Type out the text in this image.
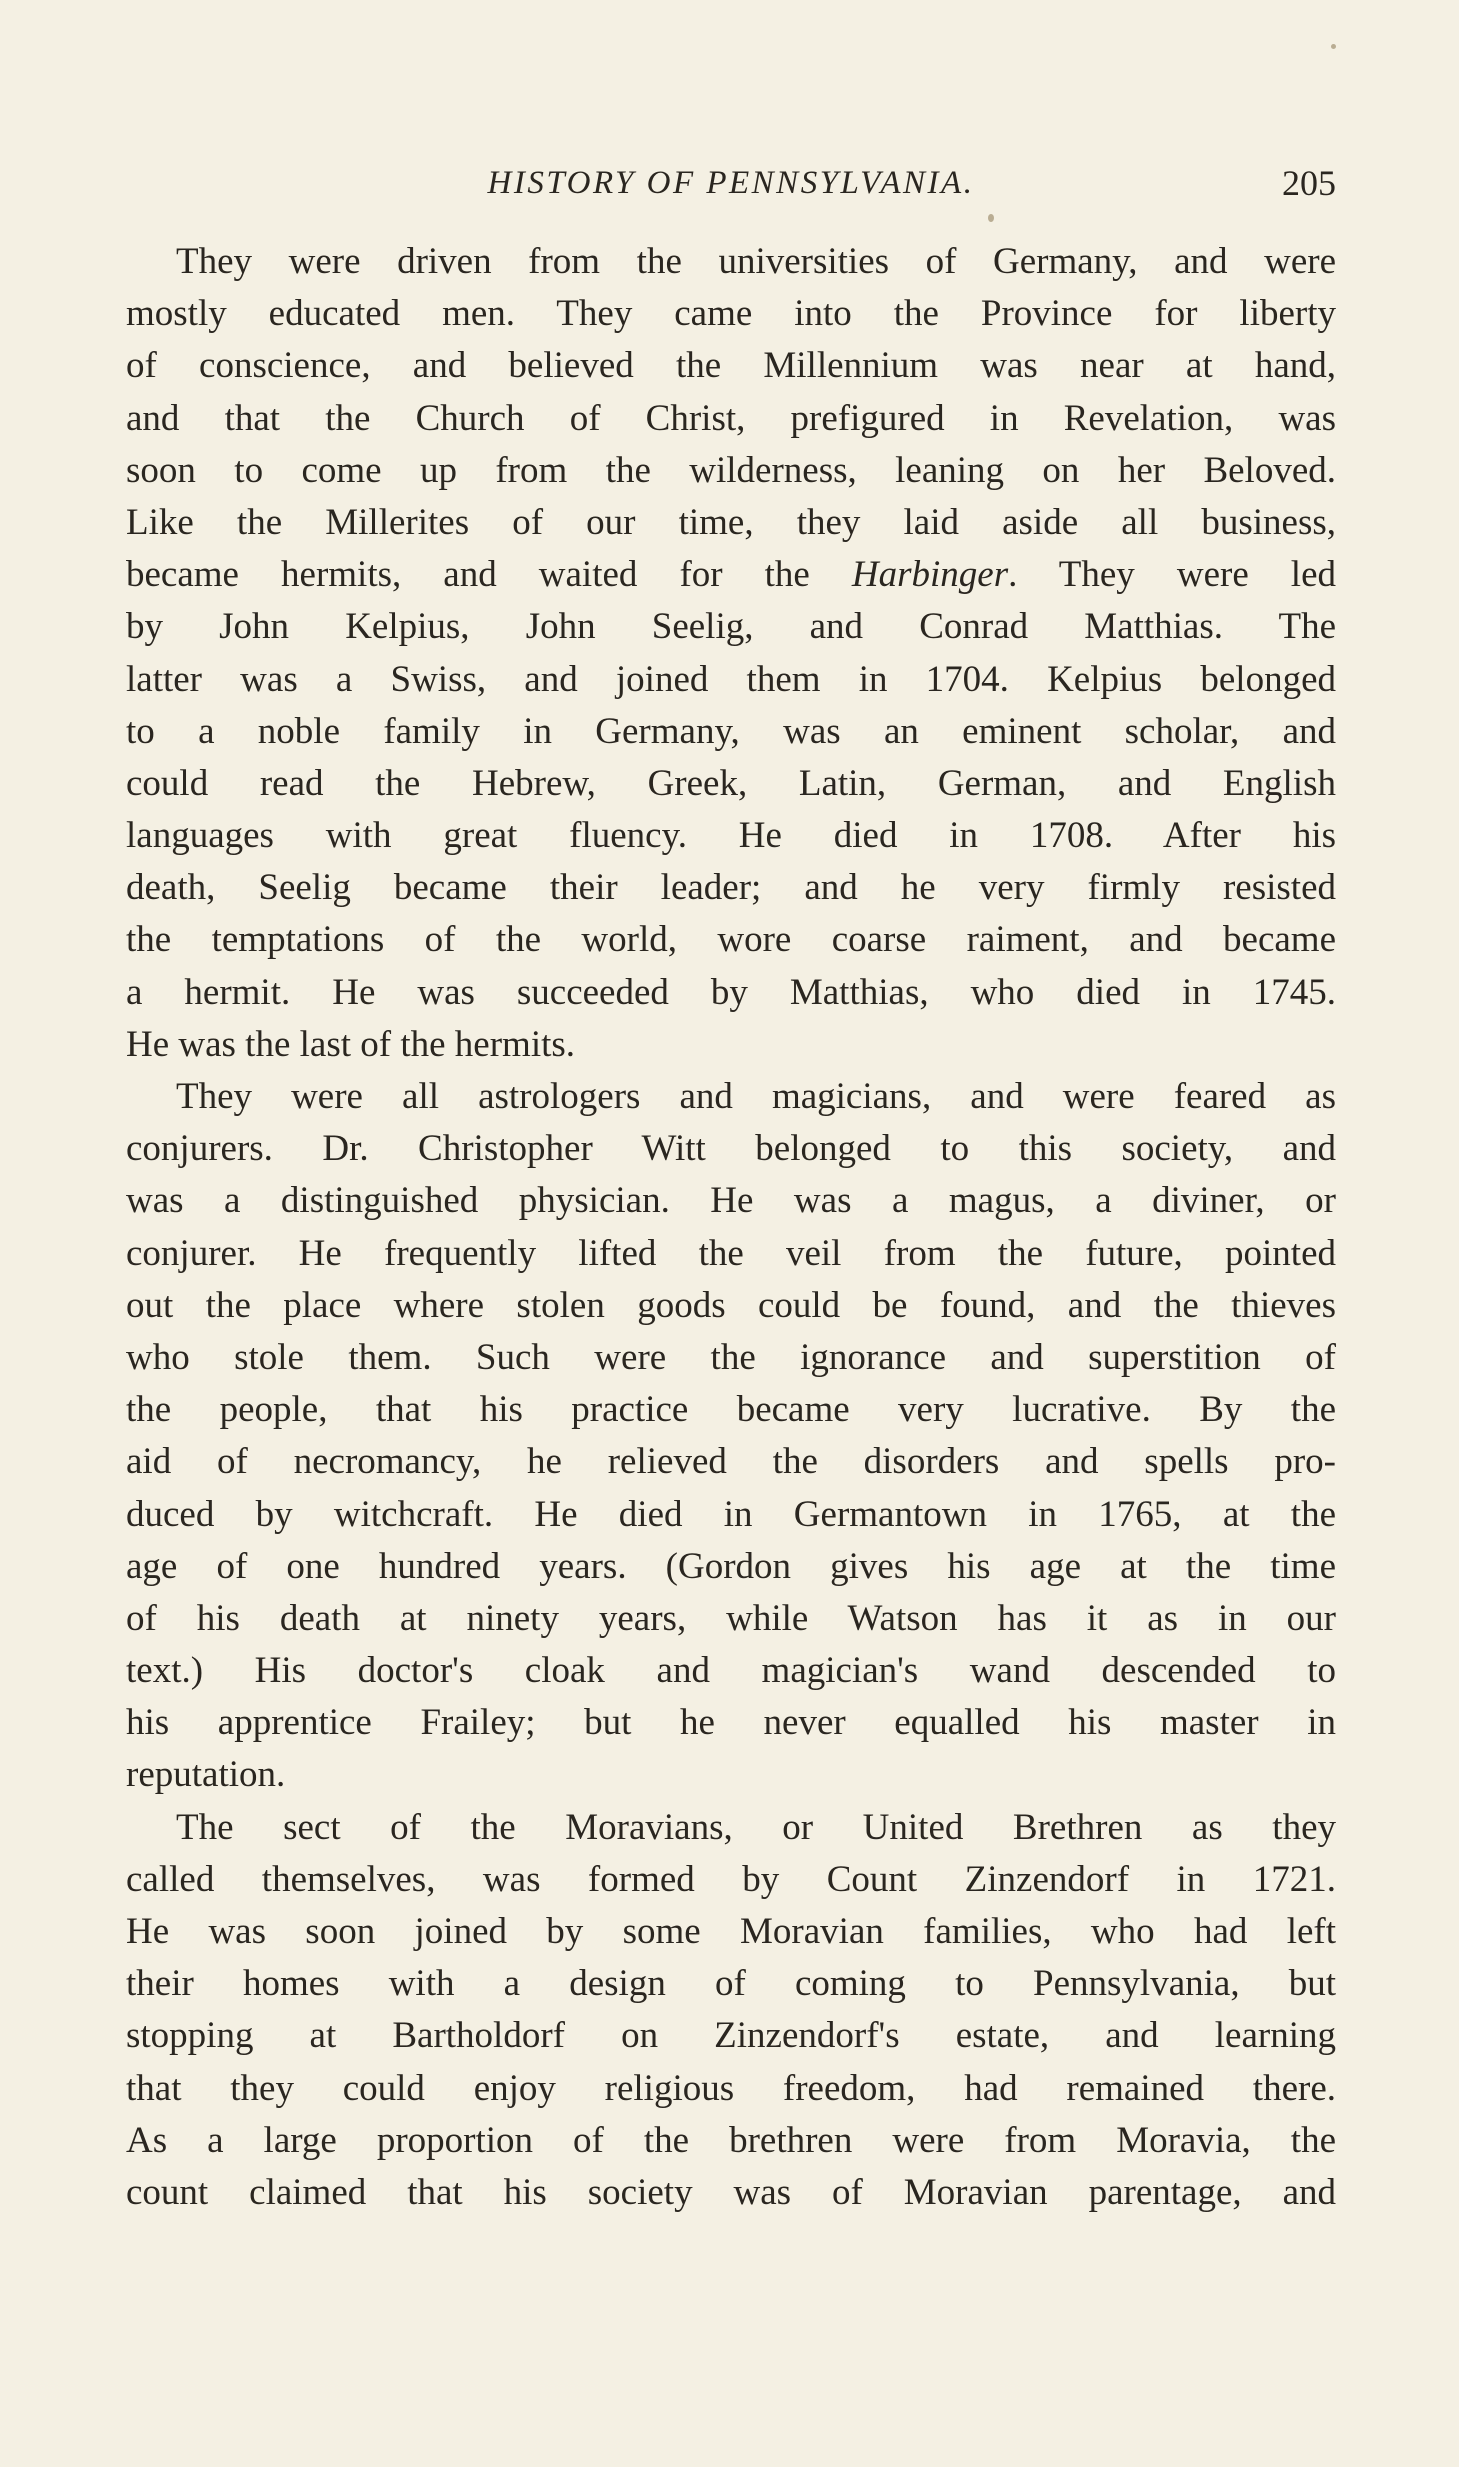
HISTORY OF PENNSYLVANIA.	205
They were driven from the universities of Germany, and were
mostly educated men. They came into the Province for liberty
of conscience, and believed the Millennium was near at hand,
and that the Church of Christ, prefigured in Revelation, was
soon to come up from the wilderness, leaning on her Beloved.
Like the Millerites of our time, they laid aside all business,
became hermits, and waited for the Harbinger. They were led
by John Kelpius, John Seelig, and Conrad Matthias. The
latter was a Swiss, and joined them in 1704. Kelpius belonged
to a noble family in Germany, was an eminent scholar, and
could read the Hebrew, Greek, Latin, German, and English
languages with great fluency. He died in 1708. After his
death, Seelig became their leader; and he very firmly resisted
the temptations of the world, wore coarse raiment, and became
a hermit. He was succeeded by Matthias, who died in 1745.
He was the last of the hermits.
They were all astrologers and magicians, and were feared as
conjurers. Dr. Christopher Witt belonged to this society, and
was a distinguished physician. He was a magus, a diviner, or
conjurer. He frequently lifted the veil from the future, pointed
out the place where stolen goods could be found, and the thieves
who stole them. Such were the ignorance and superstition of
the people, that his practice became very lucrative. By the
aid of necromancy, he relieved the disorders and spells pro-
duced by witchcraft. He died in Germantown in 1765, at the
age of one hundred years. (Gordon gives his age at the time
of his death at ninety years, while Watson has it as in our
text.) His doctor's cloak and magician's wand descended to
his apprentice Frailey; but he never equalled his master in
reputation.
The sect of the Moravians, or United Brethren as they
called themselves, was formed by Count Zinzendorf in 1721.
He was soon joined by some Moravian families, who had left
their homes with a design of coming to Pennsylvania, but
stopping at Bartholdorf on Zinzendorf's estate, and learning
that they could enjoy religious freedom, had remained there.
As a large proportion of the brethren were from Moravia, the
count claimed that his society was of Moravian parentage, and
